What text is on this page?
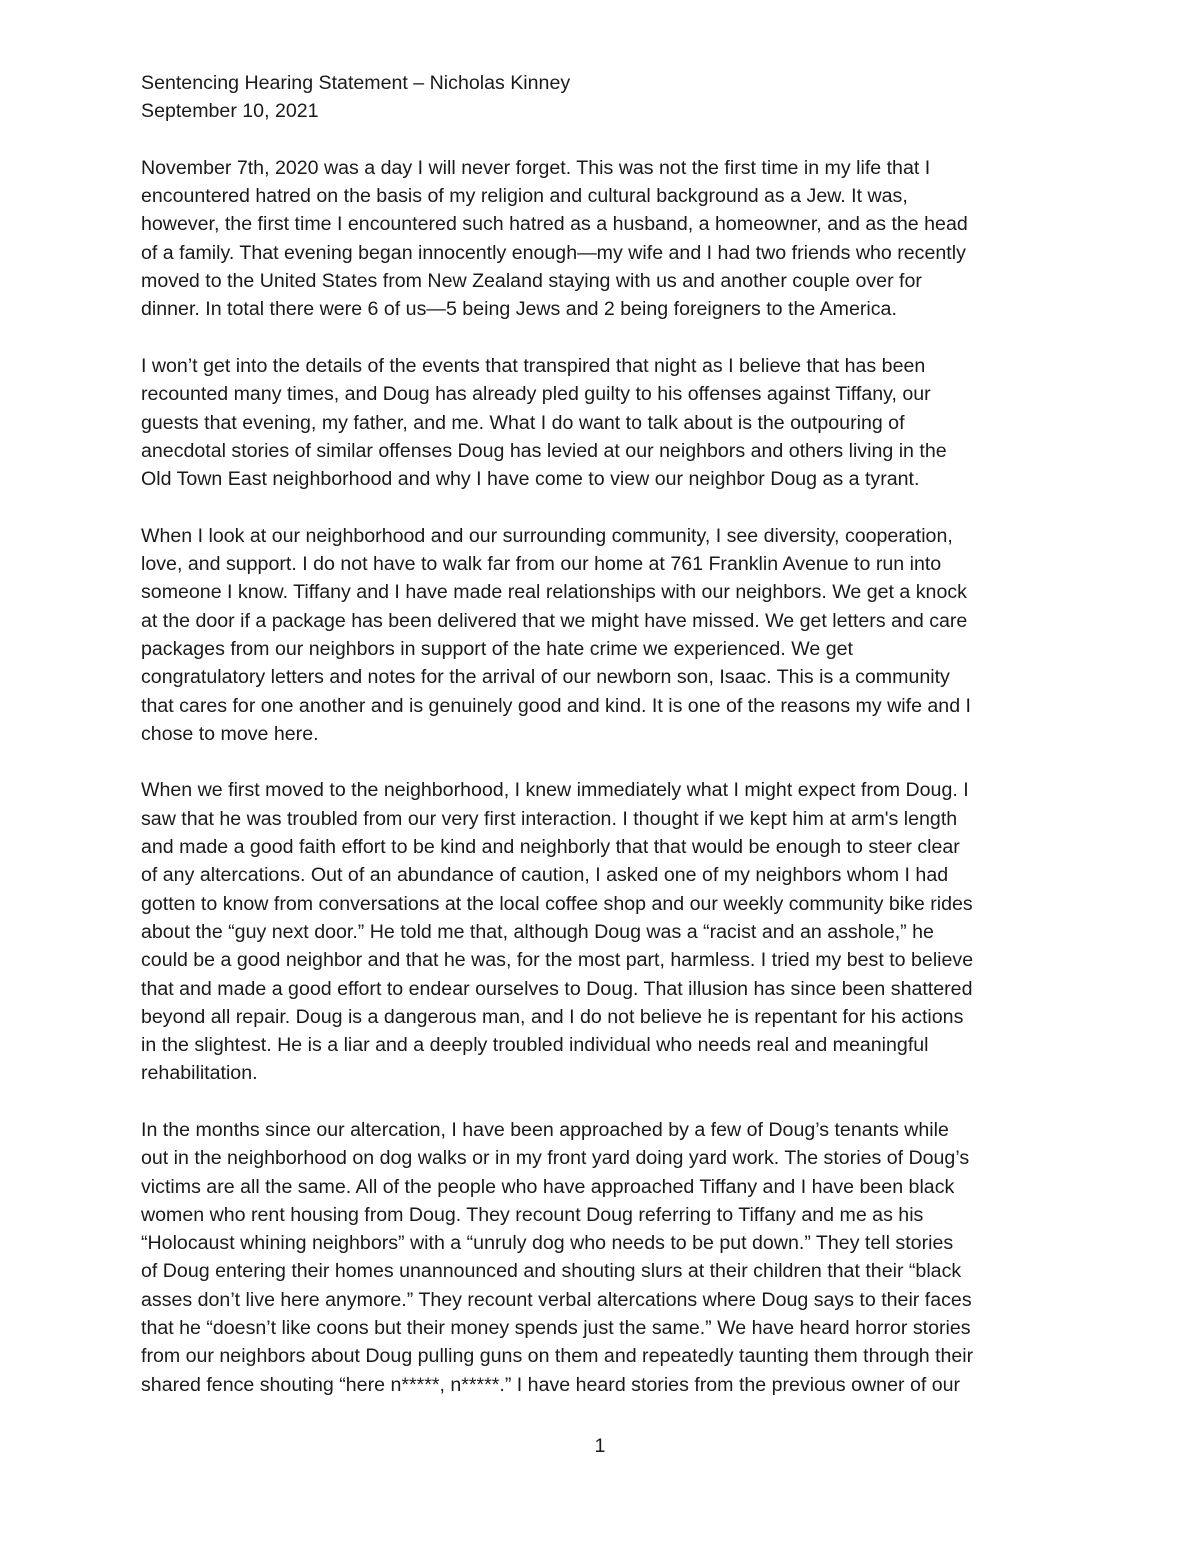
Sentencing Hearing Statement – Nicholas Kinney
September 10, 2021
November 7th, 2020 was a day I will never forget. This was not the first time in my life that I
encountered hatred on the basis of my religion and cultural background as a Jew. It was,
however, the first time I encountered such hatred as a husband, a homeowner, and as the head
of a family. That evening began innocently enough—my wife and I had two friends who recently
moved to the United States from New Zealand staying with us and another couple over for
dinner. In total there were 6 of us—5 being Jews and 2 being foreigners to the America.
I won’t get into the details of the events that transpired that night as I believe that has been
recounted many times, and Doug has already pled guilty to his offenses against Tiffany, our
guests that evening, my father, and me. What I do want to talk about is the outpouring of
anecdotal stories of similar offenses Doug has levied at our neighbors and others living in the
Old Town East neighborhood and why I have come to view our neighbor Doug as a tyrant.
When I look at our neighborhood and our surrounding community, I see diversity, cooperation,
love, and support. I do not have to walk far from our home at 761 Franklin Avenue to run into
someone I know. Tiffany and I have made real relationships with our neighbors. We get a knock
at the door if a package has been delivered that we might have missed. We get letters and care
packages from our neighbors in support of the hate crime we experienced. We get
congratulatory letters and notes for the arrival of our newborn son, Isaac. This is a community
that cares for one another and is genuinely good and kind. It is one of the reasons my wife and I
chose to move here.
When we first moved to the neighborhood, I knew immediately what I might expect from Doug. I
saw that he was troubled from our very first interaction. I thought if we kept him at arm's length
and made a good faith effort to be kind and neighborly that that would be enough to steer clear
of any altercations. Out of an abundance of caution, I asked one of my neighbors whom I had
gotten to know from conversations at the local coffee shop and our weekly community bike rides
about the “guy next door.” He told me that, although Doug was a “racist and an asshole,” he
could be a good neighbor and that he was, for the most part, harmless. I tried my best to believe
that and made a good effort to endear ourselves to Doug. That illusion has since been shattered
beyond all repair. Doug is a dangerous man, and I do not believe he is repentant for his actions
in the slightest. He is a liar and a deeply troubled individual who needs real and meaningful
rehabilitation.
In the months since our altercation, I have been approached by a few of Doug’s tenants while
out in the neighborhood on dog walks or in my front yard doing yard work. The stories of Doug’s
victims are all the same. All of the people who have approached Tiffany and I have been black
women who rent housing from Doug. They recount Doug referring to Tiffany and me as his
“Holocaust whining neighbors” with a “unruly dog who needs to be put down.” They tell stories
of Doug entering their homes unannounced and shouting slurs at their children that their “black
asses don’t live here anymore.” They recount verbal altercations where Doug says to their faces
that he “doesn’t like coons but their money spends just the same.” We have heard horror stories
from our neighbors about Doug pulling guns on them and repeatedly taunting them through their
shared fence shouting “here n*****, n*****.” I have heard stories from the previous owner of our
1
